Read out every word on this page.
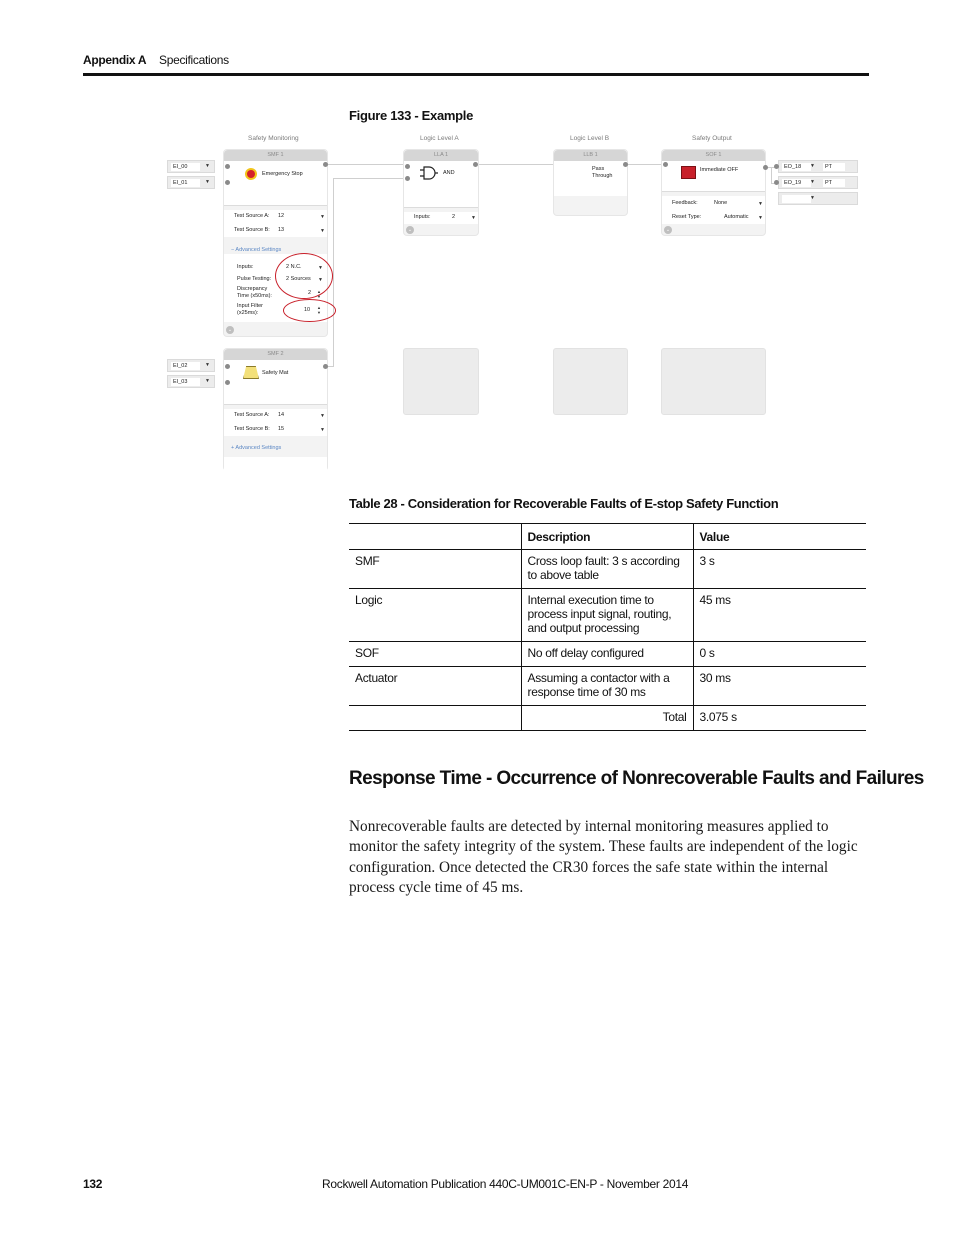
Appendix A Specifications
Figure 133 - Example
Safety Monitoring	Logic Level A	Logic Level B	Safety Output
EI_00	▼
EI_01	▼
EI_02	▼
EI_03	▼
SMF 1
Emergency Stop
Test Source A: 12	▼
Test Source B: 13	▼
− Advanced Settings
Inputs:	2 N.C.	▼
Pulse Testing:	2 Sources ▼
Discrepancy
Time (x50ms):	2 ▲
▼
Input Filter
(x25ms):	10 ▲
▼
⌄
SMF 2
Safety Mat
Test Source A: 14	▼
Test Source B: 15	▼
+ Advanced Settings
LLA 1
AND
Inputs:	2	▼
⌄
LLB 1
Pass
Through
SOF 1
Immediate OFF
Feedback:	None	▼
Reset Type:	Automatic ▼
⌄
EO_18	▼	PT
EO_19	▼	PT
▼
Table 28 - Consideration for Recoverable Faults of E-stop Safety Function
	Description	Value
SMF	Cross loop fault: 3 s according to above table	3 s
Logic	Internal execution time to process input signal, routing, and output processing	45 ms
SOF	No off delay configured	0 s
Actuator	Assuming a contactor with a response time of 30 ms	30 ms
	Total	3.075 s
Response Time - Occurrence of Nonrecoverable Faults and Failures
Nonrecoverable faults are detected by internal monitoring measures applied to monitor the safety integrity of the system. These faults are independent of the logic configuration. Once detected the CR30 forces the safe state within the internal process cycle time of 45 ms.
132	Rockwell Automation Publication 440C-UM001C-EN-P - November 2014
